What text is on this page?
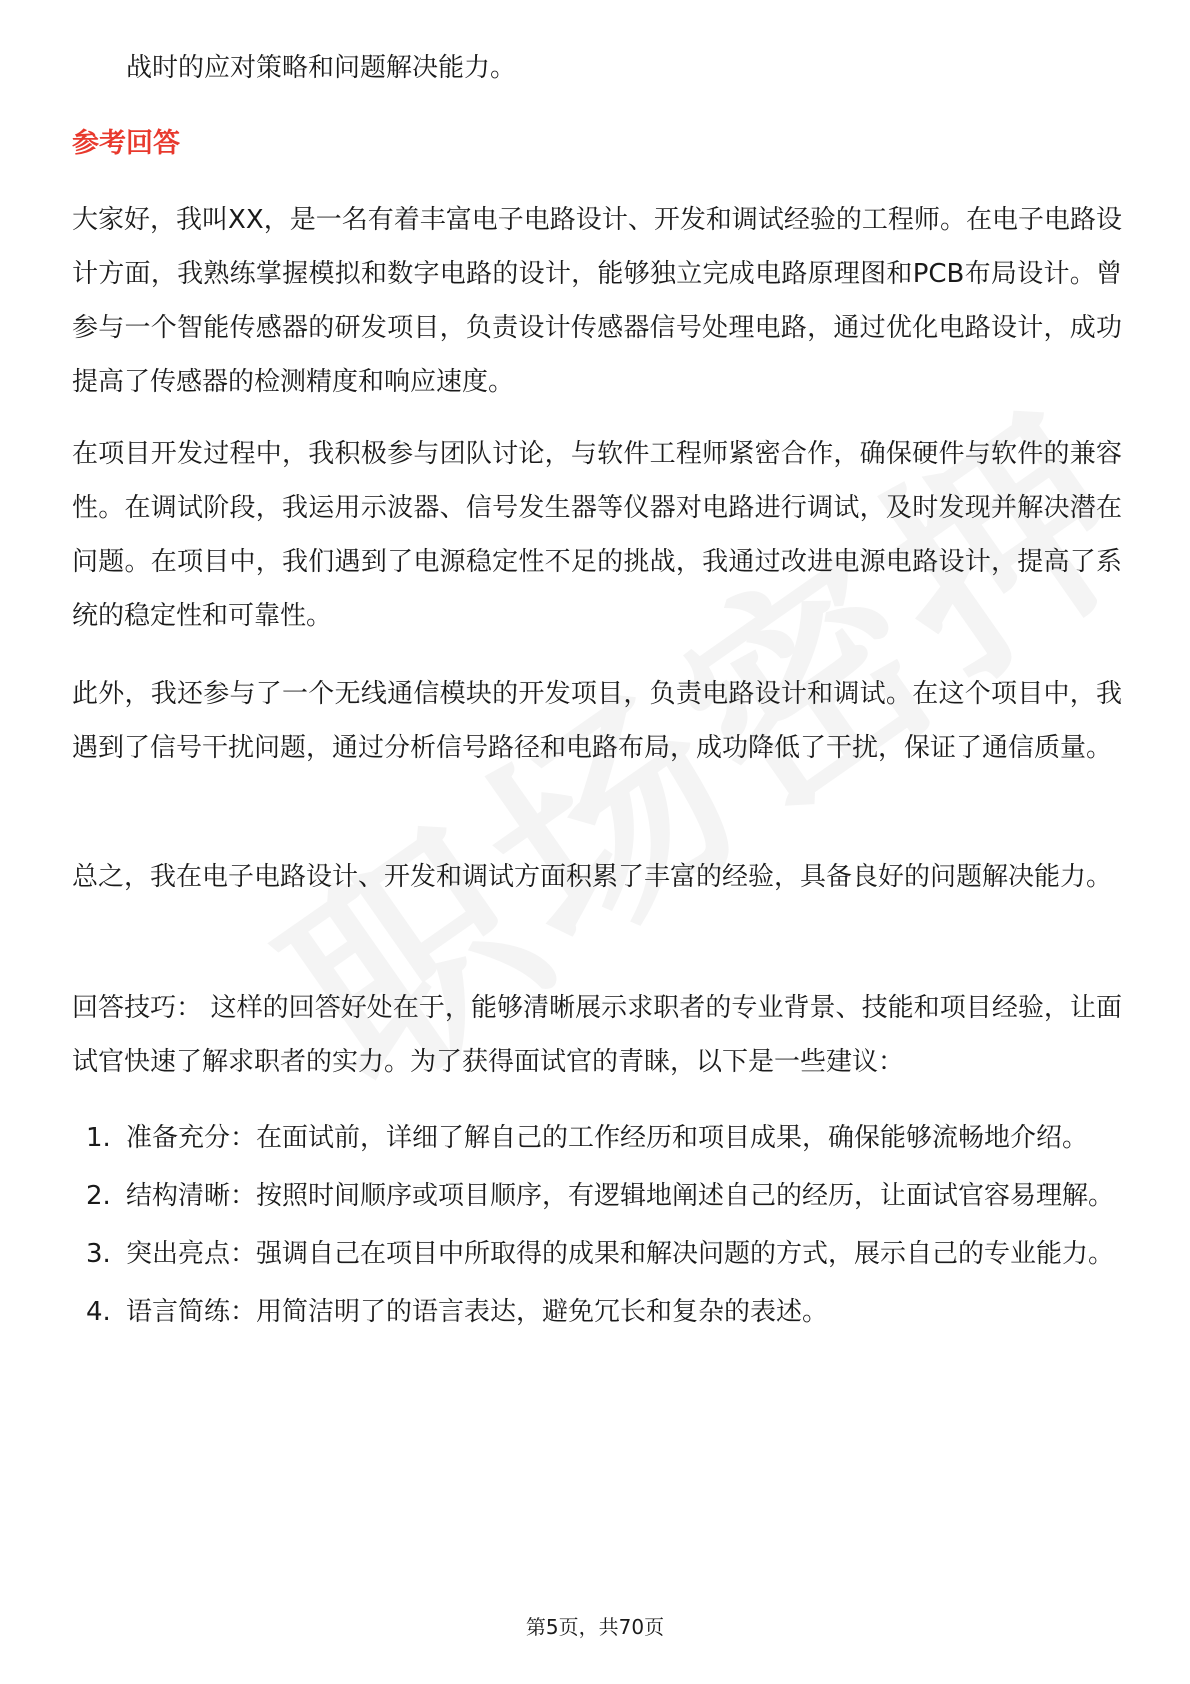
战时的应对策略和问题解决能力。
参考回答

大家好，我叫XX，是一名有着丰富电子电路设计、开发和调试经验的工程师。在电子电路设计方面，我熟练掌握模拟和数字电路的设计，能够独立完成电路原理图和PCB布局设计。曾参与一个智能传感器的研发项目，负责设计传感器信号处理电路，通过优化电路设计，成功提高了传感器的检测精度和响应速度。

在项目开发过程中，我积极参与团队讨论，与软件工程师紧密合作，确保硬件与软件的兼容性。在调试阶段，我运用示波器、信号发生器等仪器对电路进行调试，及时发现并解决潜在问题。在项目中，我们遇到了电源稳定性不足的挑战，我通过改进电源电路设计，提高了系统的稳定性和可靠性。

此外，我还参与了一个无线通信模块的开发项目，负责电路设计和调试。在这个项目中，我遇到了信号干扰问题，通过分析信号路径和电路布局，成功降低了干扰，保证了通信质量。

总之，我在电子电路设计、开发和调试方面积累了丰富的经验，具备良好的问题解决能力。

回答技巧： 这样的回答好处在于，能够清晰展示求职者的专业背景、技能和项目经验，让面试官快速了解求职者的实力。为了获得面试官的青睐，以下是一些建议：

1. 准备充分：在面试前，详细了解自己的工作经历和项目成果，确保能够流畅地介绍。
2. 结构清晰：按照时间顺序或项目顺序，有逻辑地阐述自己的经历，让面试官容易理解。
3. 突出亮点：强调自己在项目中所取得的成果和解决问题的方式，展示自己的专业能力。
4. 语言简练：用简洁明了的语言表达，避免冗长和复杂的表述。
第5页，共70页
